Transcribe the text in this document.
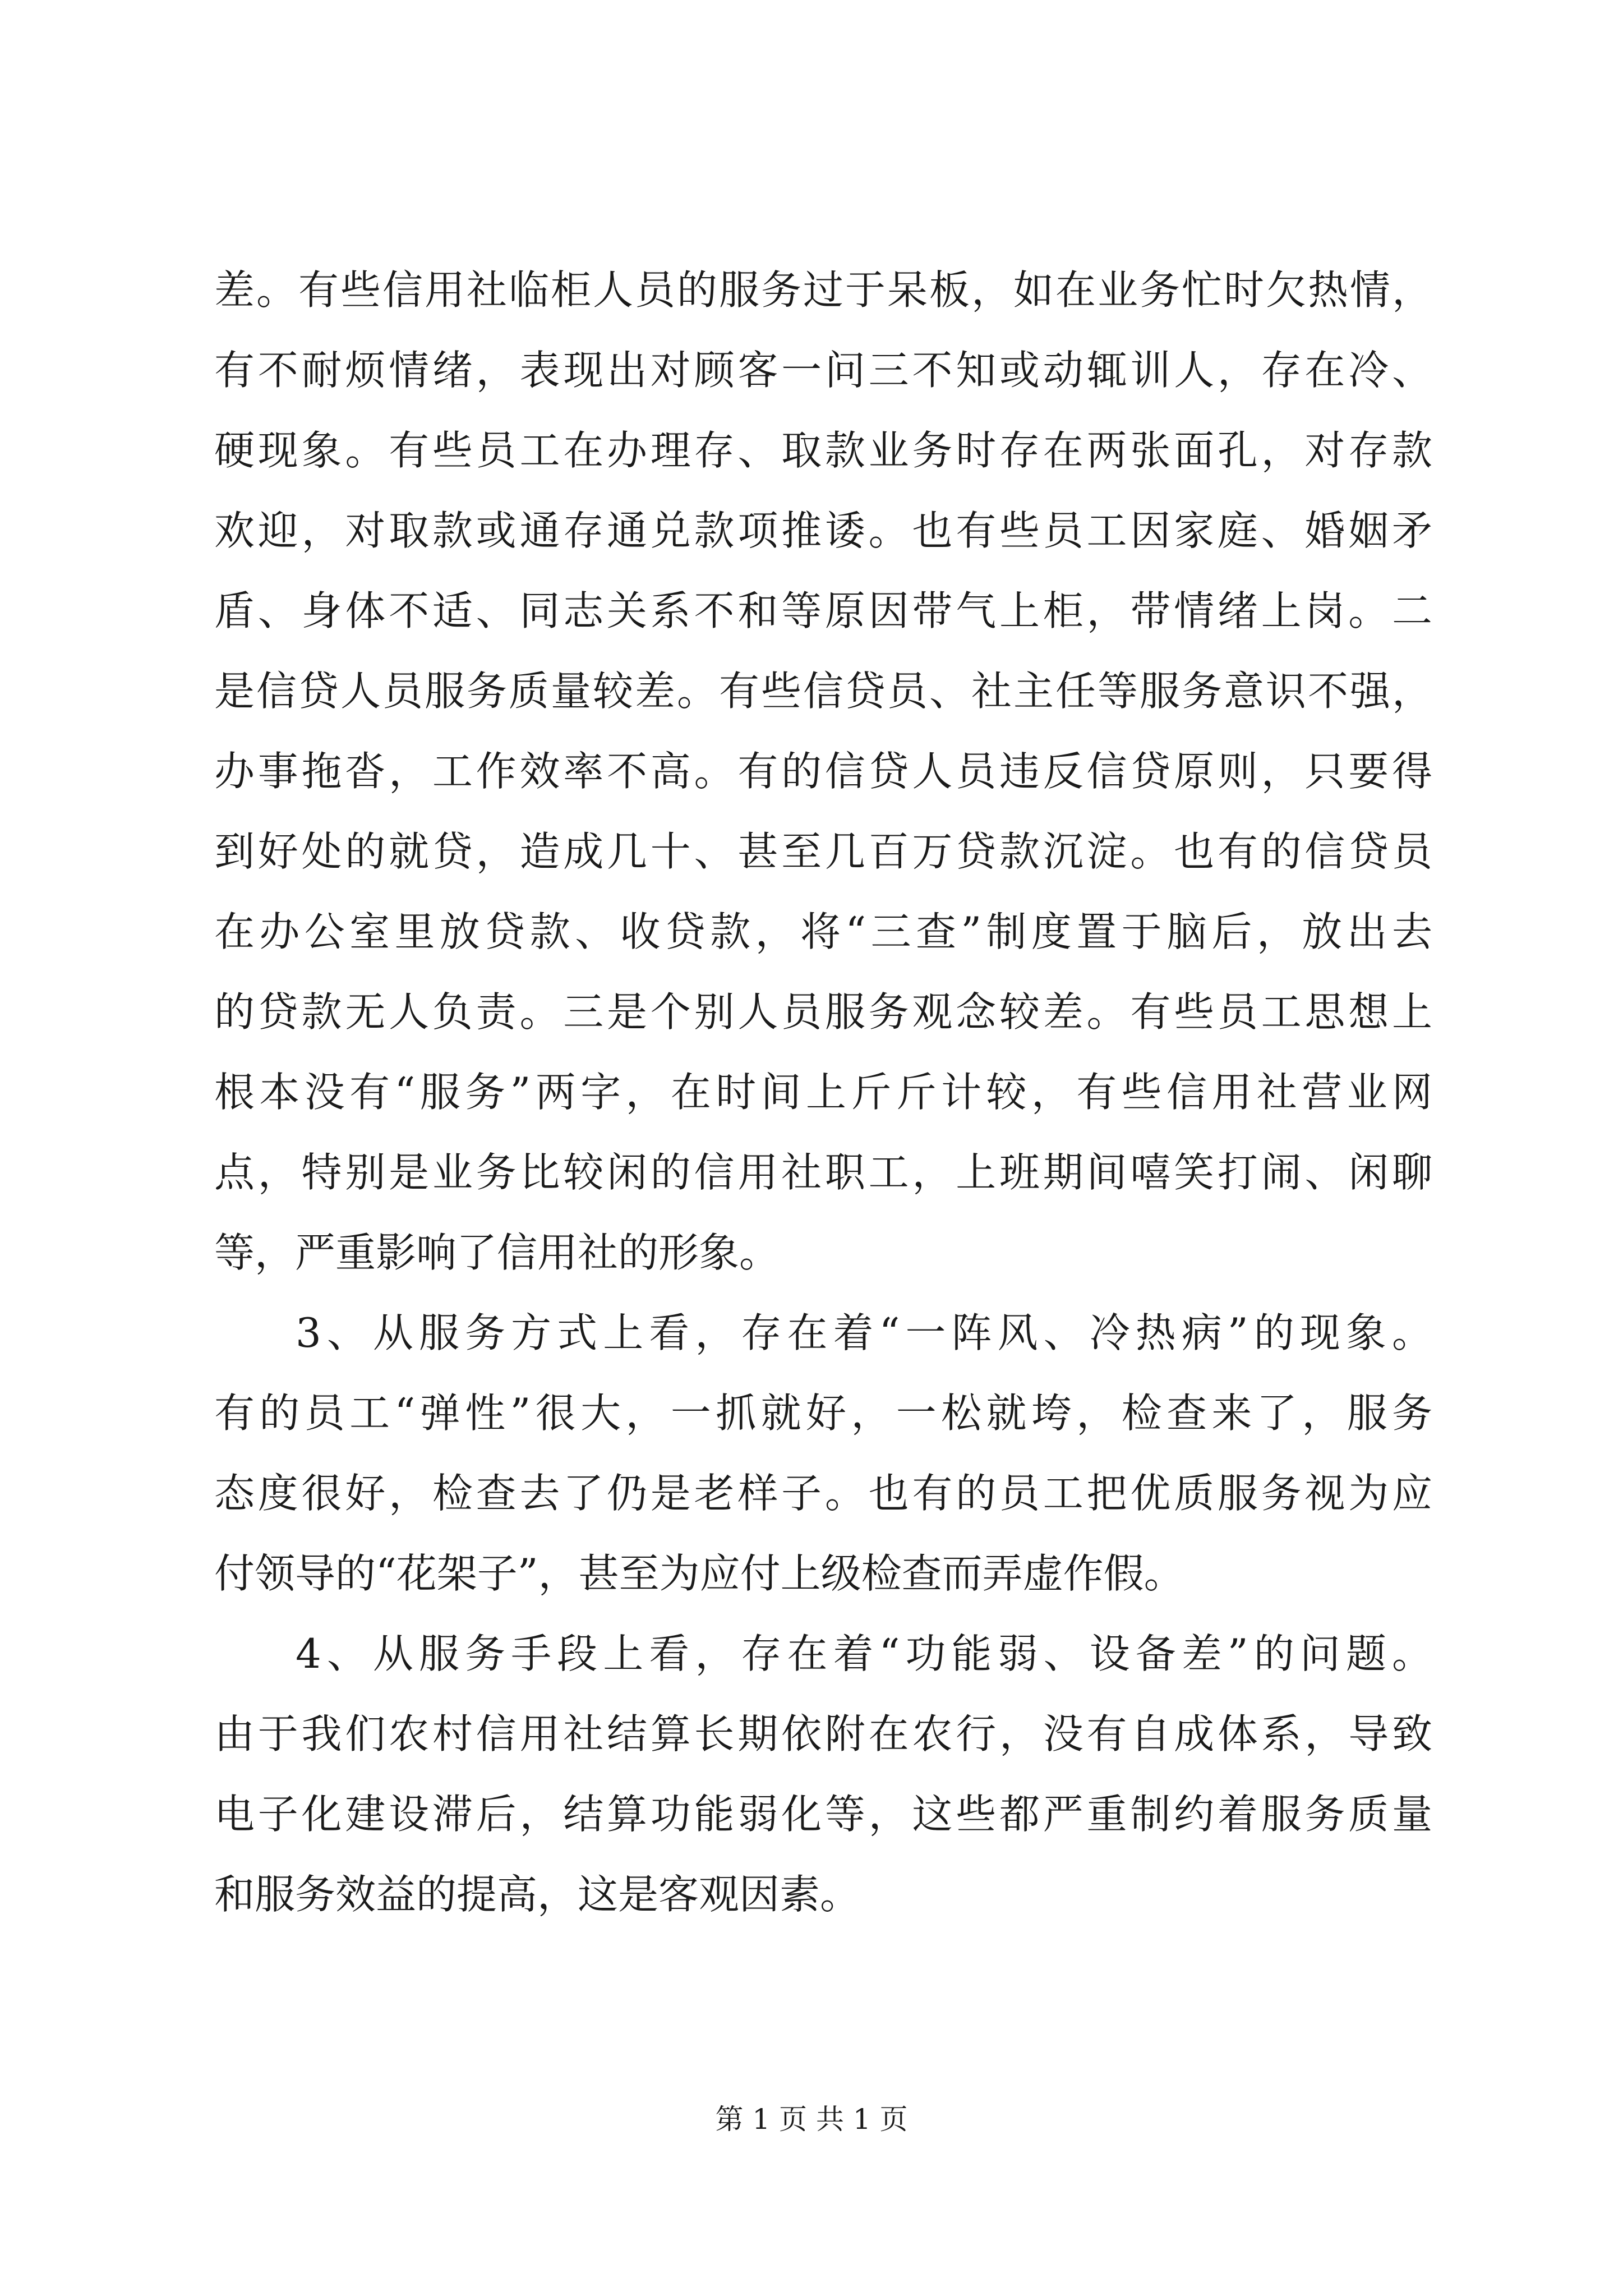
差。有些信用社临柜人员的服务过于呆板，如在业务忙时欠热情，
有不耐烦情绪，表现出对顾客一问三不知或动辄训人，存在冷、
硬现象。有些员工在办理存、取款业务时存在两张面孔，对存款
欢迎，对取款或通存通兑款项推诿。也有些员工因家庭、婚姻矛
盾、身体不适、同志关系不和等原因带气上柜，带情绪上岗。二
是信贷人员服务质量较差。有些信贷员、社主任等服务意识不强，
办事拖沓，工作效率不高。有的信贷人员违反信贷原则，只要得
到好处的就贷，造成几十、甚至几百万贷款沉淀。也有的信贷员
在办公室里放贷款、收贷款，将“三查”制度置于脑后，放出去
的贷款无人负责。三是个别人员服务观念较差。有些员工思想上
根本没有“服务”两字，在时间上斤斤计较，有些信用社营业网
点，特别是业务比较闲的信用社职工，上班期间嘻笑打闹、闲聊
等，严重影响了信用社的形象。
3、从服务方式上看，存在着“一阵风、冷热病”的现象。
有的员工“弹性”很大，一抓就好，一松就垮，检查来了，服务
态度很好，检查去了仍是老样子。也有的员工把优质服务视为应
付领导的“花架子”，甚至为应付上级检查而弄虚作假。
4、从服务手段上看，存在着“功能弱、设备差”的问题。
由于我们农村信用社结算长期依附在农行，没有自成体系，导致
电子化建设滞后，结算功能弱化等，这些都严重制约着服务质量
和服务效益的提高，这是客观因素。
第 1 页 共 1 页
